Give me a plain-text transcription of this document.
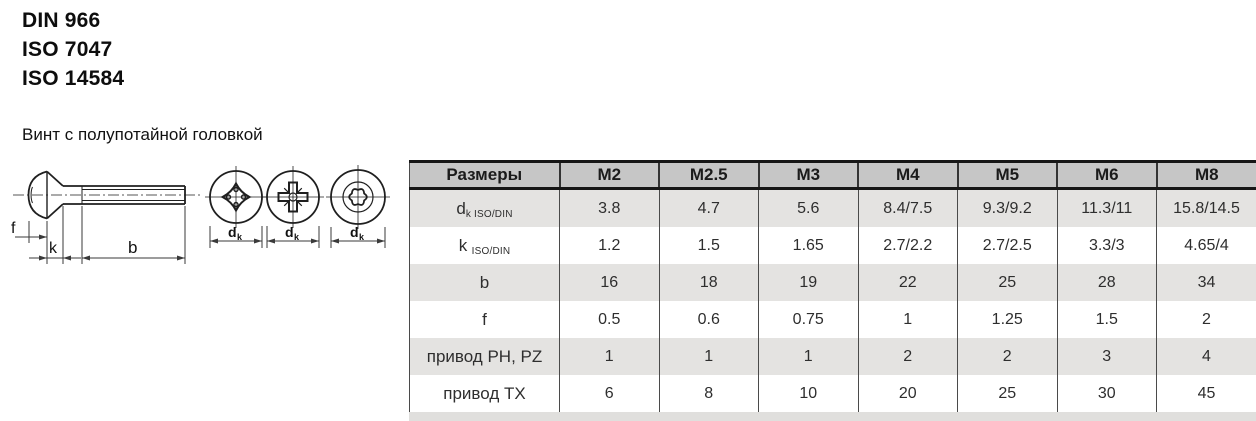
DIN 966
ISO 7047
ISO 14584
Винт с полупотайной головкой
f
k	b
d k	d k	d k
Размеры	M2	M2.5	M3	M4	M5	M6	M8
dk ISO/DIN	3.8	4.7	5.6	8.4/7.5	9.3/9.2	11.3/11	15.8/14.5
k ISO/DIN	1.2	1.5	1.65	2.7/2.2	2.7/2.5	3.3/3	4.65/4
b	16	18	19	22	25	28	34
f	0.5	0.6	0.75	1	1.25	1.5	2
привод PH, PZ	1	1	1	2	2	3	4
привод TX	6	8	10	20	25	30	45
